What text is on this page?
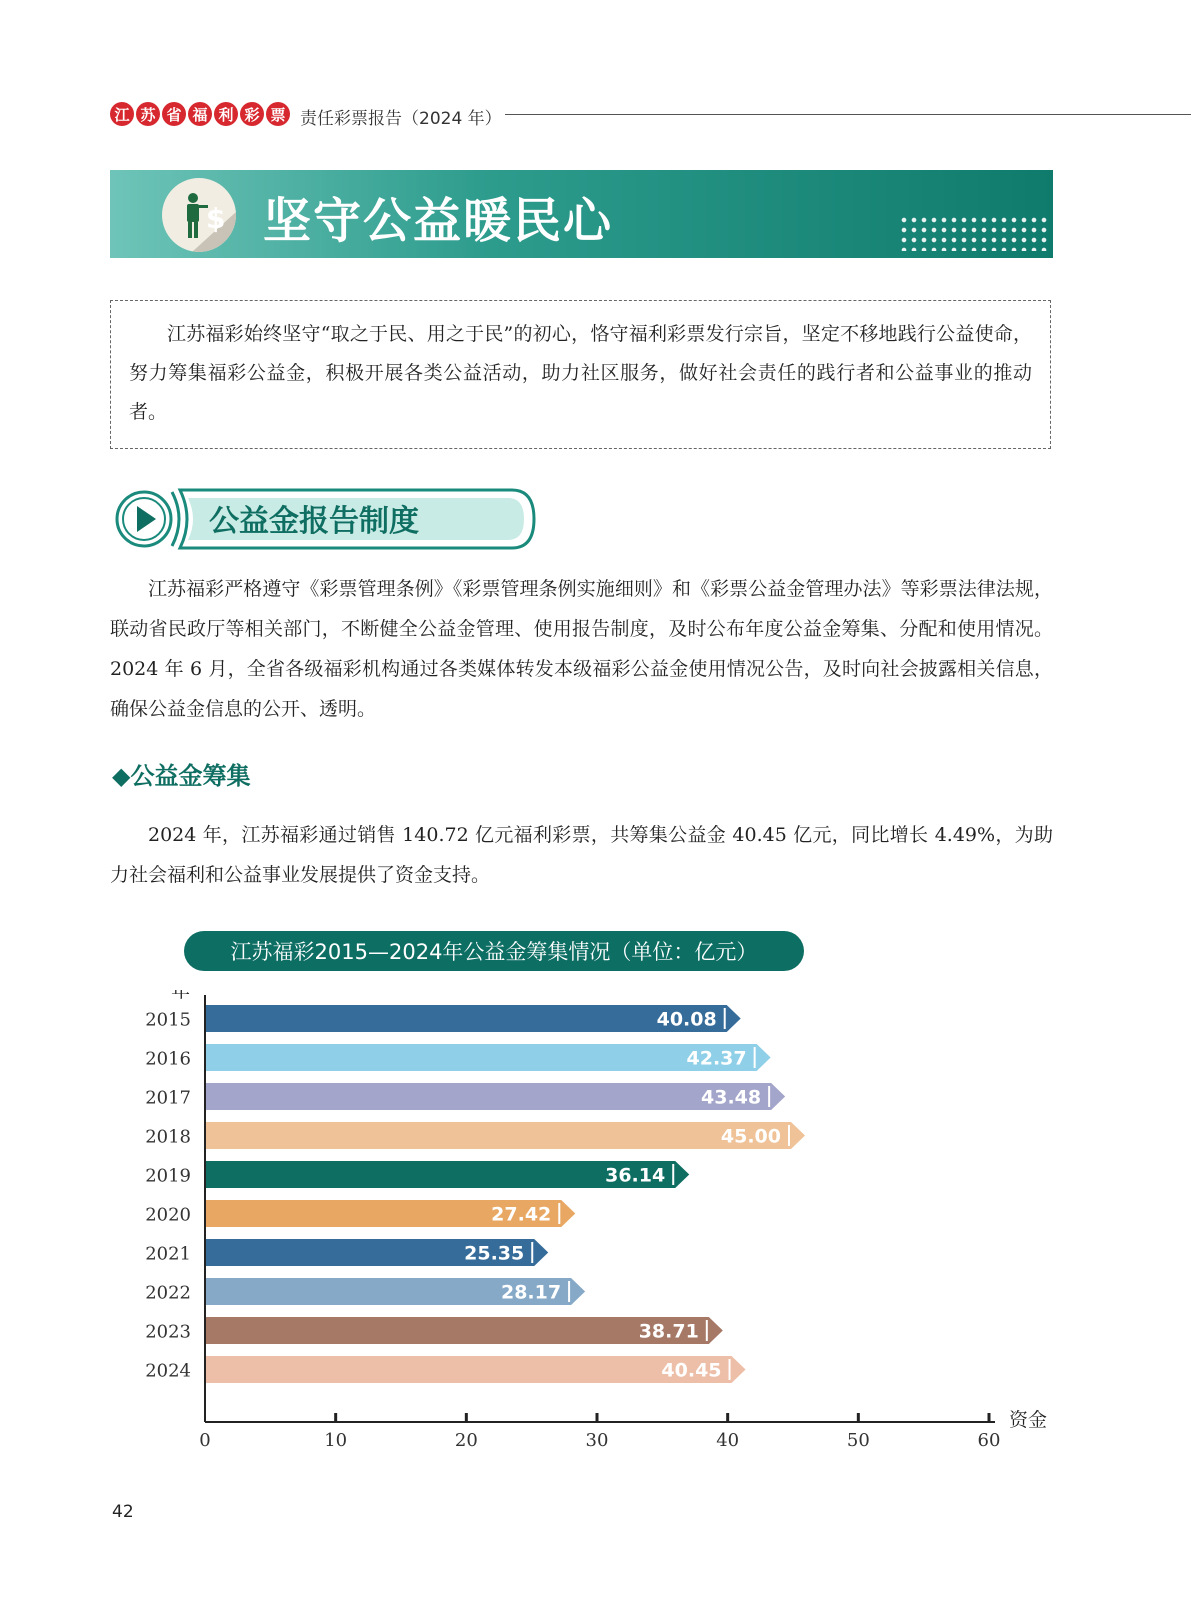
江 苏 省 福 利 彩 票 责任彩票报告（2024 年）
$ 坚守公益暖民心
江苏福彩始终坚守“取之于民、用之于民”的初心，恪守福利彩票发行宗旨，坚定不移地践行公益使命，努力筹集福彩公益金，积极开展各类公益活动，助力社区服务，做好社会责任的践行者和公益事业的推动者。
公益金报告制度
江苏福彩严格遵守《彩票管理条例》《彩票管理条例实施细则》和《彩票公益金管理办法》等彩票法律法规，联动省民政厅等相关部门，不断健全公益金管理、使用报告制度，及时公布年度公益金筹集、分配和使用情况。2024 年 6 月，全省各级福彩机构通过各类媒体转发本级福彩公益金使用情况公告，及时向社会披露相关信息，确保公益金信息的公开、透明。
◆公益金筹集
2024 年，江苏福彩通过销售 140.72 亿元福利彩票，共筹集公益金 40.45 亿元，同比增长 4.49%，为助力社会福利和公益事业发展提供了资金支持。
江苏福彩2015—2024年公益金筹集情况（单位：亿元）
年
资金
0	10	20	30	40	50	60
2015	40.08
2016	42.37
2017	43.48
2018	45.00
2019	36.14
2020	27.42
2021	25.35
2022	28.17
2023	38.71
2024	40.45
42
